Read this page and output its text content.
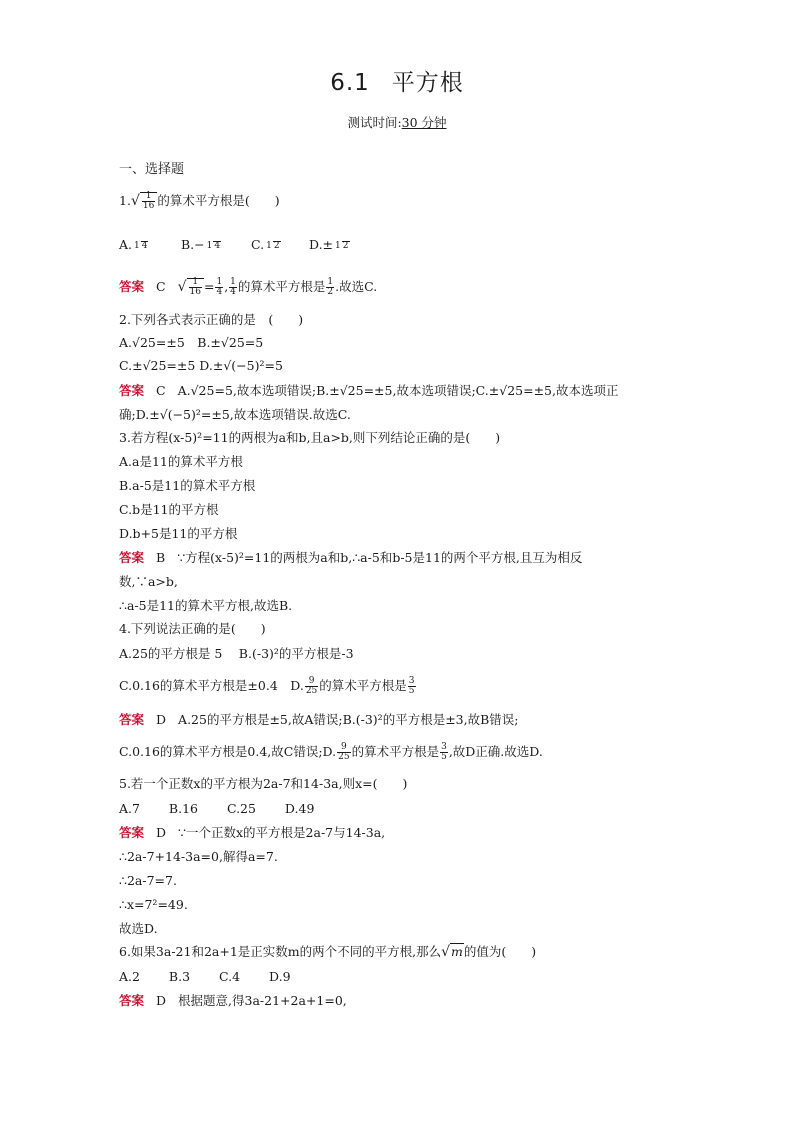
6.1 平方根
测试时间:30 分钟
一、选择题
$1.√ \frac{1}{16}$ 的算术平方根是(　　)
A. 1 4	B.− 1 4 C. 1 2 D.± 1 2
答案 C √ $\frac{1}{16} = \frac{1}{4}$ , $\frac{1}{4}$ 的算术平方根是 $\frac{1}{2}$ .故选C.
2.下列各式表示正确的是　(　　)
A.√25=±5　B.±√25=5
C.±√25=±5 D.±√(−5)²=5
答案 C A.√25=5,故本选项错误;B.±√25=±5,故本选项错误;C.±√25=±5,故本选项正
确;D.±√(−5)²=±5,故本选项错误.故选C.
3.若方程(x-5)²=11的两根为a和b,且a>b,则下列结论正确的是(　　)
A.a是11的算术平方根
B.a-5是11的算术平方根
C.b是11的平方根
D.b+5是11的平方根
答案 B ∵方程(x-5)²=11的两根为a和b,∴a-5和b-5是11的两个平方根,且互为相反
数,∵a>b,
∴a-5是11的算术平方根,故选B.
4.下列说法正确的是(　　)
A.25的平方根是 5　 B.(-3)²的平方根是-3
C.0.16的算术平方根是±0.4　D. $\frac{9}{25}$ 的算术平方根是 $\frac{3}{5}$
答案 D A.25的平方根是±5,故A错误;B.(-3)²的平方根是±3,故B错误;
C.0.16的算术平方根是0.4,故C错误;D. $\frac{9}{25}$ 的算术平方根是 $\frac{3}{5}$ ,故D正确.故选D.
5.若一个正数x的平方根为2a-7和14-3a,则x=(　　)
A.7　　 B.16　　 C.25　　 D.49
答案 D ∵一个正数x的平方根是2a-7与14-3a,
∴2a-7+14-3a=0,解得a=7.
∴2a-7=7.
∴x=7²=49.
故选D.
6.如果3a-21和2a+1是正实数m的两个不同的平方根,那么√m的值为(　　)
A.2　　 B.3　　 C.4　　 D.9
答案 D 根据题意,得3a-21+2a+1=0,
